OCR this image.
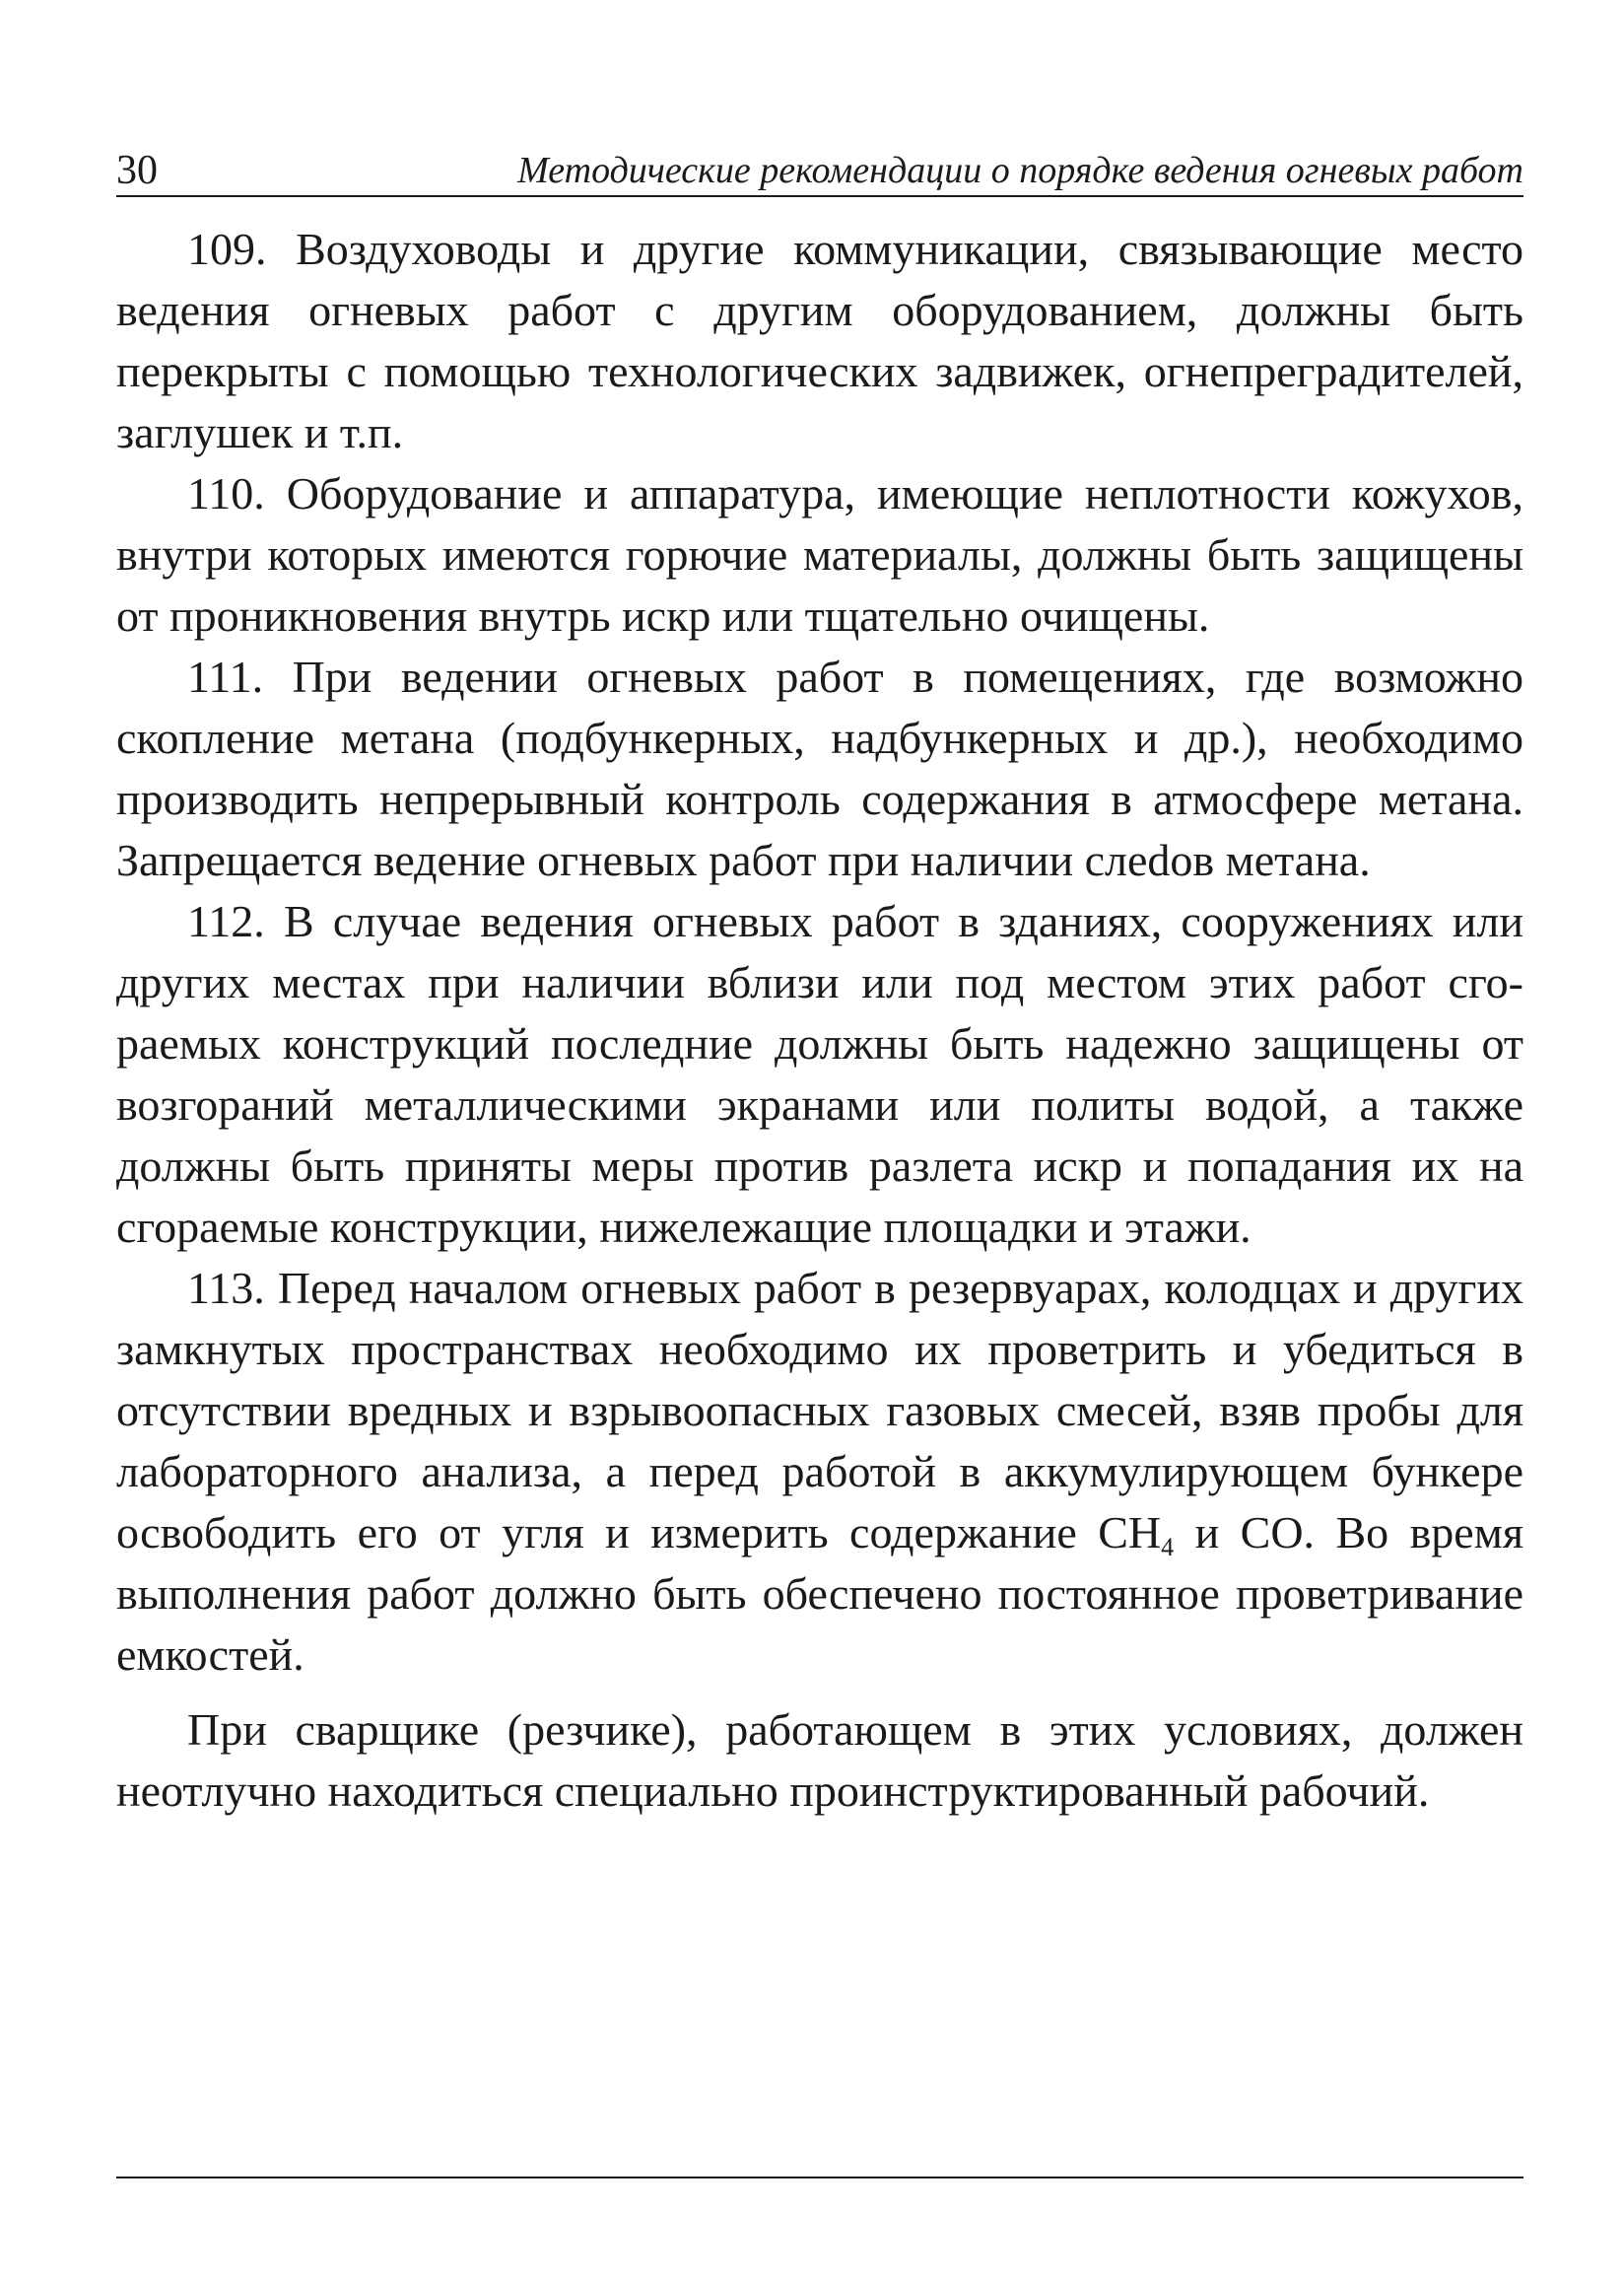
30	Методические рекомендации о порядке ведения огневых работ

109. Воздуховоды и другие коммуникации, связывающие место ведения огневых работ с другим оборудованием, должны быть перекрыты с помощью технологических задвижек, огнепреградителей, заглушек и т.п.

110. Оборудование и аппаратура, имеющие неплотности кожухов, внутри которых имеются горючие материалы, должны быть защищены от проникновения внутрь искр или тщательно очищены.

111. При ведении огневых работ в помещениях, где возможно скопление метана (подбункерных, надбункерных и др.), необходимо производить непрерывный контроль содержания в атмосфере метана. Запрещается ведение огневых работ при наличии слеdов метана.

112. В случае ведения огневых работ в зданиях, сооружениях или других местах при наличии вблизи или под местом этих работ сгораемых конструкций последние должны быть надежно защищены от возгораний металлическими экранами или политы водой, а также должны быть приняты меры против разлета искр и попадания их на сгораемые конструкции, нижележащие площадки и этажи.

113. Перед началом огневых работ в резервуарах, колодцах и других замкнутых пространствах необходимо их проветрить и убедиться в отсутствии вредных и взрывоопасных газовых смесей, взяв пробы для лабораторного анализа, а перед работой в аккумулирующем бункере освободить его от угля и измерить содержание $CH_4$ и CO. Во время выполнения работ должно быть обеспечено постоянное проветривание емкостей.

При сварщике (резчике), работающем в этих условиях, должен неотлучно находиться специально проинструктированный рабочий.
